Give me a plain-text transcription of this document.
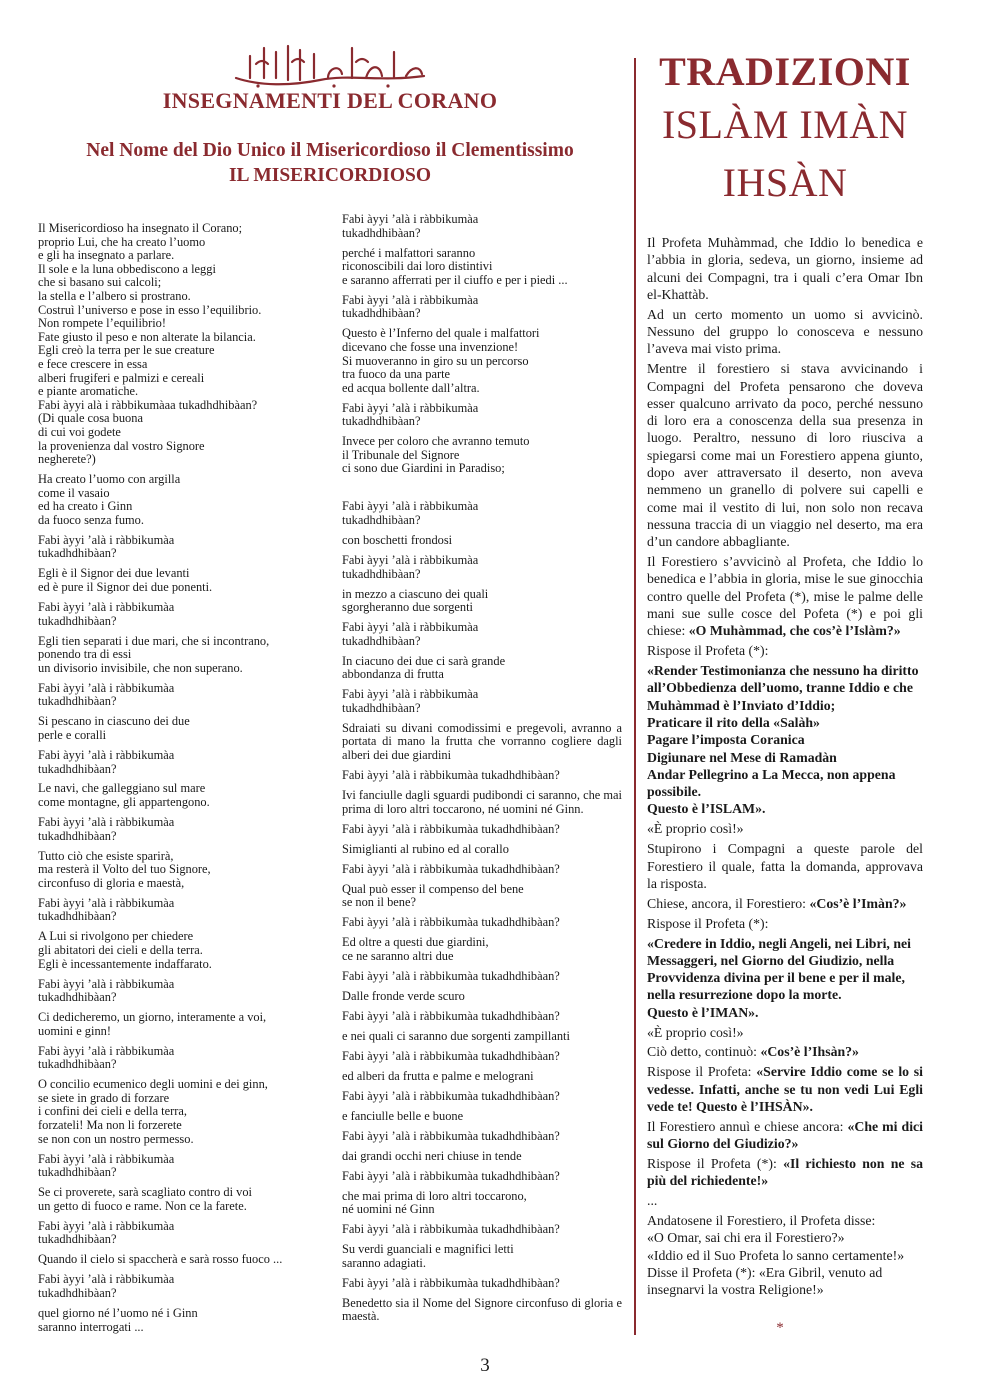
INSEGNAMENTI DEL CORANO
Nel Nome del Dio Unico il Misericordioso il Clementissimo
IL MISERICORDIOSO

Il Misericordioso ha insegnato il Corano;
proprio Lui, che ha creato l’uomo
e gli ha insegnato a parlare.
Il sole e la luna obbediscono a leggi
che si basano sui calcoli;
la stella e l’albero si prostrano.
Costruì l’universo e pose in esso l’equilibrio.
Non rompete l’equilibrio!
Fate giusto il peso e non alterate la bilancia.
Egli creò la terra per le sue creature
e fece crescere in essa
alberi frugiferi e palmizi e cereali
e piante aromatiche.
Fabi àyyi alà i ràbbikumàaa tukadhdhibàan?
(Di quale cosa buona
di cui voi godete
la provenienza dal vostro Signore
negherete?)

Ha creato l’uomo con argilla
come il vasaio
ed ha creato i Ginn
da fuoco senza fumo.

Fabi àyyi ’alà i ràbbikumàa
tukadhdhibàan?

Egli è il Signor dei due levanti
ed è pure il Signor dei due ponenti.

Fabi àyyi ’alà i ràbbikumàa
tukadhdhibàan?

Egli tien separati i due mari, che si incontrano,
ponendo tra di essi
un divisorio invisibile, che non superano.

Fabi àyyi ’alà i ràbbikumàa
tukadhdhibàan?

Si pescano in ciascuno dei due
perle e coralli

Fabi àyyi ’alà i ràbbikumàa
tukadhdhibàan?

Le navi, che galleggiano sul mare
come montagne, gli appartengono.

Fabi àyyi ’alà i ràbbikumàa
tukadhdhibàan?

Tutto ciò che esiste sparirà,
ma resterà il Volto del tuo Signore,
circonfuso di gloria e maestà,

Fabi àyyi ’alà i ràbbikumàa
tukadhdhibàan?

A Lui si rivolgono per chiedere
gli abitatori dei cieli e della terra.
Egli è incessantemente indaffarato.

Fabi àyyi ’alà i ràbbikumàa
tukadhdhibàan?

Ci dedicheremo, un giorno, interamente a voi,
uomini e ginn!

Fabi àyyi ’alà i ràbbikumàa
tukadhdhibàan?

O concilio ecumenico degli uomini e dei ginn,
se siete in grado di forzare
i confini dei cieli e della terra,
forzateli! Ma non li forzerete
se non con un nostro permesso.

Fabi àyyi ’alà i ràbbikumàa
tukadhdhibàan?

Se ci proverete, sarà scagliato contro di voi
un getto di fuoco e rame. Non ce la farete.

Fabi àyyi ’alà i ràbbikumàa
tukadhdhibàan?

Quando il cielo si spaccherà e sarà rosso fuoco ...

Fabi àyyi ’alà i ràbbikumàa
tukadhdhibàan?

quel giorno né l’uomo né i Ginn
saranno interrogati ...

Fabi àyyi ’alà i ràbbikumàa
tukadhdhibàan?

perché i malfattori saranno
riconoscibili dai loro distintivi
e saranno afferrati per il ciuffo e per i piedi ...

Fabi àyyi ’alà i ràbbikumàa
tukadhdhibàan?

Questo è l’Inferno del quale i malfattori
dicevano che fosse una invenzione!
Si muoveranno in giro su un percorso
tra fuoco da una parte
ed acqua bollente dall’altra.

Fabi àyyi ’alà i ràbbikumàa
tukadhdhibàan?

Invece per coloro che avranno temuto
il Tribunale del Signore
ci sono due Giardini in Paradiso;

Fabi àyyi ’alà i ràbbikumàa
tukadhdhibàan?

con boschetti frondosi

Fabi àyyi ’alà i ràbbikumàa
tukadhdhibàan?

in mezzo a ciascuno dei quali
sgorgheranno due sorgenti

Fabi àyyi ’alà i ràbbikumàa
tukadhdhibàan?

In ciacuno dei due ci sarà grande
abbondanza di frutta

Fabi àyyi ’alà i ràbbikumàa
tukadhdhibàan?

Sdraiati su divani comodissimi e pregevoli, avranno a portata di mano la frutta che vorranno cogliere dagli alberi dei due giardini

Fabi àyyi ’alà i ràbbikumàa tukadhdhibàan?

Ivi fanciulle dagli sguardi pudibondi ci saranno, che mai prima di loro altri toccarono, né uomini né Ginn.

Fabi àyyi ’alà i ràbbikumàa tukadhdhibàan?

Simiglianti al rubino ed al corallo

Fabi àyyi ’alà i ràbbikumàa tukadhdhibàan?

Qual può esser il compenso del bene
se non il bene?

Fabi àyyi ’alà i ràbbikumàa tukadhdhibàan?

Ed oltre a questi due giardini,
ce ne saranno altri due

Fabi àyyi ’alà i ràbbikumàa tukadhdhibàan?

Dalle fronde verde scuro

Fabi àyyi ’alà i ràbbikumàa tukadhdhibàan?

e nei quali ci saranno due sorgenti zampillanti

Fabi àyyi ’alà i ràbbikumàa tukadhdhibàan?

ed alberi da frutta e palme e melograni

Fabi àyyi ’alà i ràbbikumàa tukadhdhibàan?

e fanciulle belle e buone

Fabi àyyi ’alà i ràbbikumàa tukadhdhibàan?

dai grandi occhi neri chiuse in tende

Fabi àyyi ’alà i ràbbikumàa tukadhdhibàan?

che mai prima di loro altri toccarono,
né uomini né Ginn

Fabi àyyi ’alà i ràbbikumàa tukadhdhibàan?

Su verdi guanciali e magnifici letti
saranno adagiati.

Fabi àyyi ’alà i ràbbikumàa tukadhdhibàan?

Benedetto sia il Nome del Signore circonfuso di gloria e maestà.

TRADIZIONI
ISLÀM IMÀN
IHSÀN

Il Profeta Muhàmmad, che Iddio lo benedica e l’abbia in gloria, sedeva, un giorno, insieme ad alcuni dei Compagni, tra i quali c’era Omar Ibn el-Khattàb.

Ad un certo momento un uomo si avvicinò. Nessuno del gruppo lo conosceva e nessuno l’aveva mai visto prima.

Mentre il forestiero si stava avvicinando i Compagni del Profeta pensarono che doveva esser qualcuno arrivato da poco, perché nessuno di loro era a conoscenza della sua presenza in luogo. Peraltro, nessuno di loro riusciva a spiegarsi come mai un Forestiero appena giunto, dopo aver attraversato il deserto, non aveva nemmeno un granello di polvere sui capelli e come mai il vestito di lui, non solo non recava nessuna traccia di un viaggio nel deserto, ma era d’un candore abbagliante.

Il Forestiero s’avvicinò al Profeta, che Iddio lo benedica e l’abbia in gloria, mise le sue ginocchia contro quelle del Profeta (*), mise le palme delle mani sue sulle cosce del Pofeta (*) e poi gli chiese: «O Muhàmmad, che cos’è l’Islàm?»

Rispose il Profeta (*):

«Render Testimonianza che nessuno ha diritto all’Obbedienza dell’uomo, tranne Iddio e che Muhàmmad è l’Inviato d’Iddio;
Praticare il rito della «Salàh»
Pagare l’imposta Coranica
Digiunare nel Mese di Ramadàn
Andar Pellegrino a La Mecca, non appena possibile.
Questo è l’ISLAM».

«È proprio così!»

Stupirono i Compagni a queste parole del Forestiero il quale, fatta la domanda, approvava la risposta.

Chiese, ancora, il Forestiero: «Cos’è l’Imàn?»

Rispose il Profeta (*):

«Credere in Iddio, negli Angeli, nei Libri, nei Messaggeri, nel Giorno del Giudizio, nella Provvidenza divina per il bene e per il male, nella resurrezione dopo la morte.
Questo è l’IMAN».

«È proprio così!»

Ciò detto, continuò: «Cos’è l’Ihsàn?»

Rispose il Profeta: «Servire Iddio come se lo si vedesse. Infatti, anche se tu non vedi Lui Egli vede te! Questo è l’IHSÀN».

Il Forestiero annuì e chiese ancora: «Che mi dici sul Giorno del Giudizio?»

Rispose il Profeta (*): «Il richiesto non ne sa più del richiedente!»

...

Andatosene il Forestiero, il Profeta disse:
«O Omar, sai chi era il Forestiero?»
«Iddio ed il Suo Profeta lo sanno certamente!»
Disse il Profeta (*): «Era Gibril, venuto ad insegnarvi la vostra Religione!»

*
3
